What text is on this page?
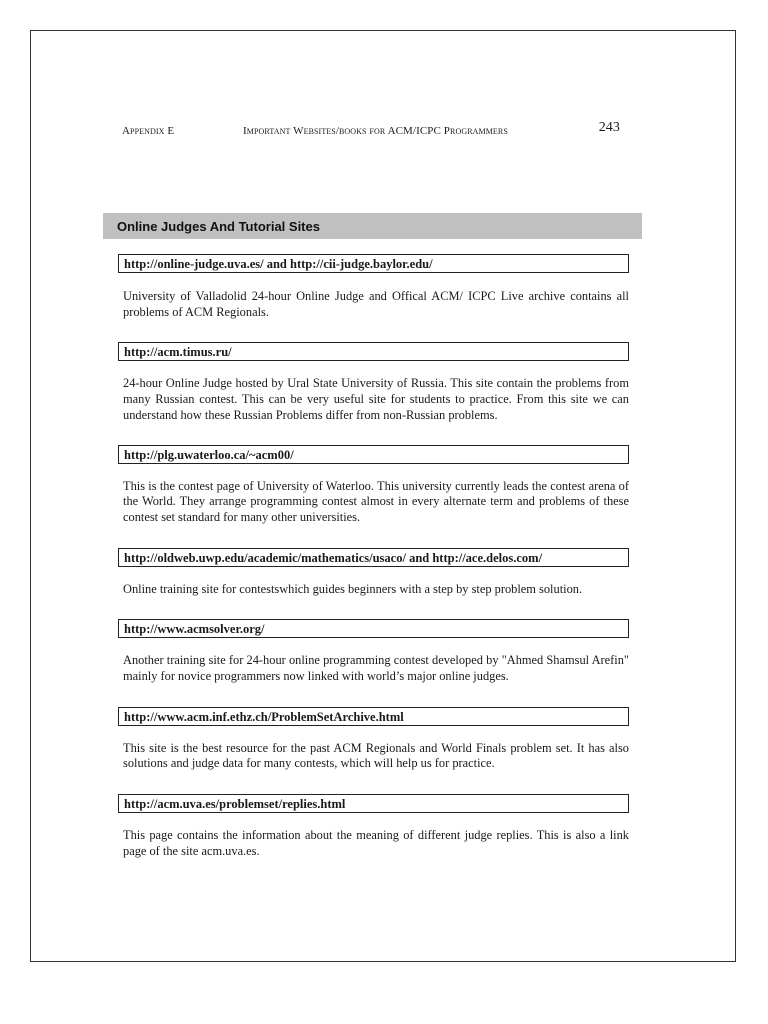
Appendix E	Important Websites/books for ACM/ICPC Programmers	243
Online Judges And Tutorial Sites
http://online-judge.uva.es/ and http://cii-judge.baylor.edu/

University of Valladolid 24-hour Online Judge and Offical ACM/ ICPC Live archive contains all problems of ACM Regionals.

http://acm.timus.ru/

24-hour Online Judge hosted by Ural State University of Russia. This site contain the problems from many Russian contest. This can be very useful site for students to practice. From this site we can understand how these Russian Problems differ from non-Russian problems.

http://plg.uwaterloo.ca/~acm00/

This is the contest page of University of Waterloo. This university currently leads the contest arena of the World. They arrange programming contest almost in every alternate term and problems of these contest set standard for many other universities.

http://oldweb.uwp.edu/academic/mathematics/usaco/ and http://ace.delos.com/

Online training site for contestswhich guides beginners with a step by step problem solution.

http://www.acmsolver.org/

Another training site for 24-hour online programming contest developed by "Ahmed Shamsul Arefin" mainly for novice programmers now linked with world’s major online judges.

http://www.acm.inf.ethz.ch/ProblemSetArchive.html

This site is the best resource for the past ACM Regionals and World Finals problem set. It has also solutions and judge data for many contests, which will help us for practice.

http://acm.uva.es/problemset/replies.html

This page contains the information about the meaning of different judge replies. This is also a link page of the site acm.uva.es.
